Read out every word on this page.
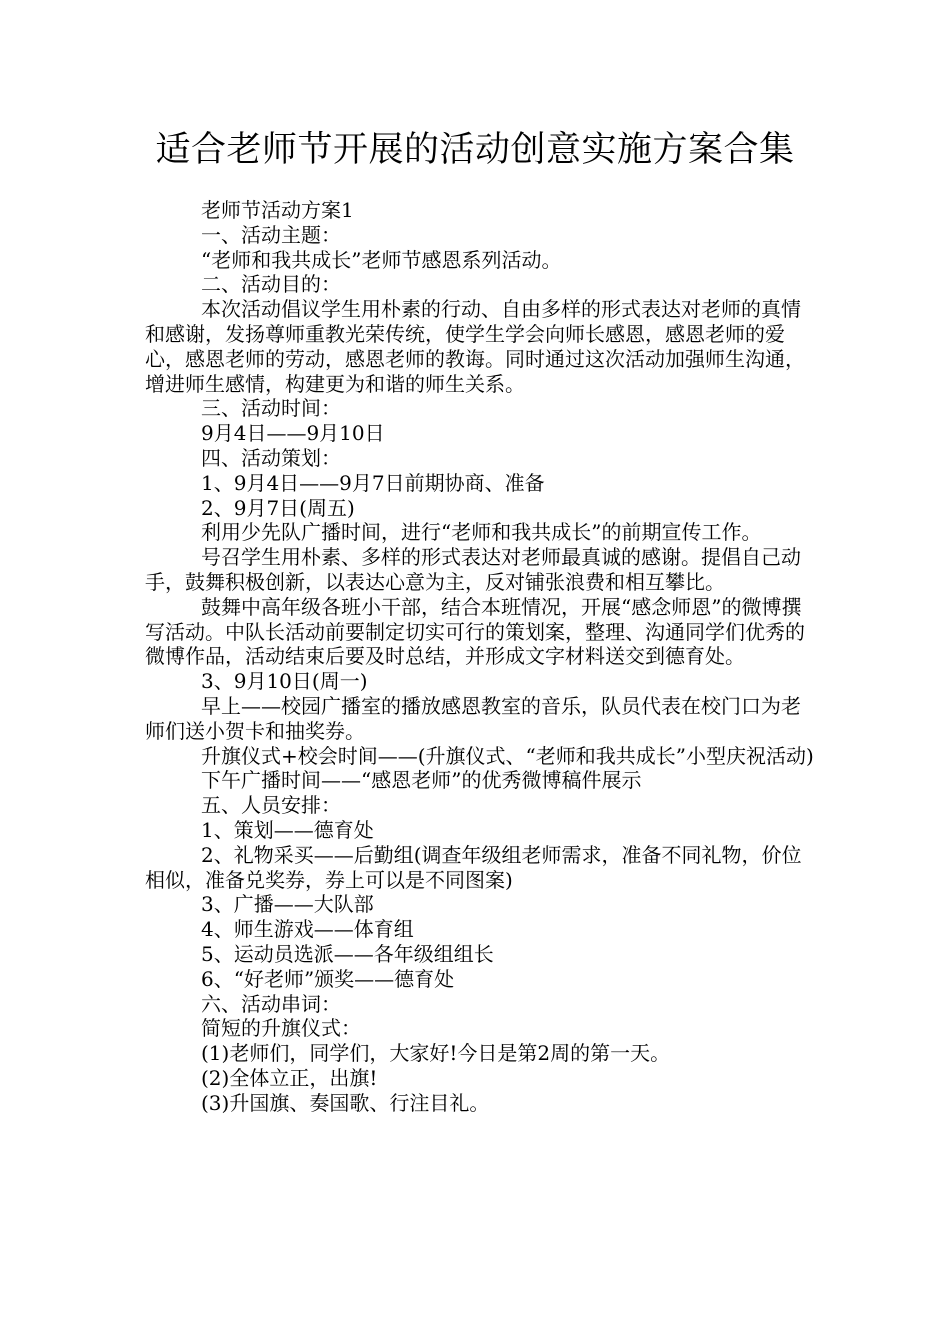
适合老师节开展的活动创意实施方案合集

老师节活动方案1

一、活动主题：

“老师和我共成长”老师节感恩系列活动。

二、活动目的：

本次活动倡议学生用朴素的行动、自由多样的形式表达对老师的真情和感谢，发扬尊师重教光荣传统，使学生学会向师长感恩，感恩老师的爱心，感恩老师的劳动，感恩老师的教诲。同时通过这次活动加强师生沟通，增进师生感情，构建更为和谐的师生关系。

三、活动时间：

9月4日——9月10日

四、活动策划：

1、9月4日——9月7日前期协商、准备

2、9月7日(周五)

利用少先队广播时间，进行“老师和我共成长”的前期宣传工作。

号召学生用朴素、多样的形式表达对老师最真诚的感谢。提倡自己动手，鼓舞积极创新，以表达心意为主，反对铺张浪费和相互攀比。

鼓舞中高年级各班小干部，结合本班情况，开展“感念师恩”的微博撰写活动。中队长活动前要制定切实可行的策划案，整理、沟通同学们优秀的微博作品，活动结束后要及时总结，并形成文字材料送交到德育处。

3、9月10日(周一)

早上——校园广播室的播放感恩教室的音乐，队员代表在校门口为老师们送小贺卡和抽奖券。

升旗仪式+校会时间——(升旗仪式、“老师和我共成长”小型庆祝活动)

下午广播时间——“感恩老师”的优秀微博稿件展示

五、人员安排：

1、策划——德育处

2、礼物采买——后勤组(调查年级组老师需求，准备不同礼物，价位相似，准备兑奖券，券上可以是不同图案)

3、广播——大队部

4、师生游戏——体育组

5、运动员选派——各年级组组长

6、“好老师”颁奖——德育处

六、活动串词：

简短的升旗仪式：

(1)老师们，同学们，大家好!今日是第2周的第一天。

(2)全体立正，出旗!

(3)升国旗、奏国歌、行注目礼。
